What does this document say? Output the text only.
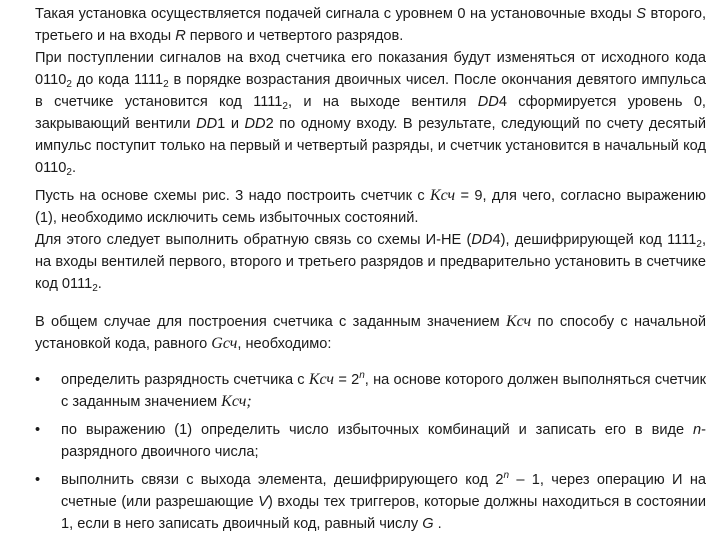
Такая установка осуществляется подачей сигнала с уровнем 0 на установочные входы S второго, третьего и на входы R первого и четвертого разрядов.

При поступлении сигналов на вход счетчика его показания будут изменяться от исходного кода $0110_2$ до кода $1111_2$ в порядке возрастания двоичных чисел. После окончания девятого импульса в счетчике установится код $1111_2$, и на выходе вентиля DD4 сформируется уровень 0, закрывающий вентили DD1 и DD2 по одному входу. В результате, следующий по счету десятый импульс поступит только на первый и четвертый разряды, и счетчик установится в начальный код $0110_2$.

Пусть на основе схемы рис. 3 надо построить счетчик с Kсч = 9, для чего, согласно выражению (1), необходимо исключить семь избыточных состояний.

Для этого следует выполнить обратную связь со схемы И-НЕ (DD4), дешифрирующей код $1111_2$, на входы вентилей первого, второго и третьего разрядов и предварительно установить в счетчике код $0111_2$.

В общем случае для построения счетчика с заданным значением Kсч по способу с начальной установкой кода, равного Gсч, необходимо:

•	определить разрядность счетчика с Kсч = $2^n$, на основе которого должен выполняться счетчик с заданным значением Kсч;
•	по выражению (1) определить число избыточных комбинаций и записать его в виде n-разрядного двоичного числа;
•	выполнить связи с выхода элемента, дешифрирующего код 2$^n$ – 1, через операцию И на счетные (или разрешающие V) входы тех триггеров, которые должны находиться в состоянии 1, если в него записать двоичный код, равный числу G .
